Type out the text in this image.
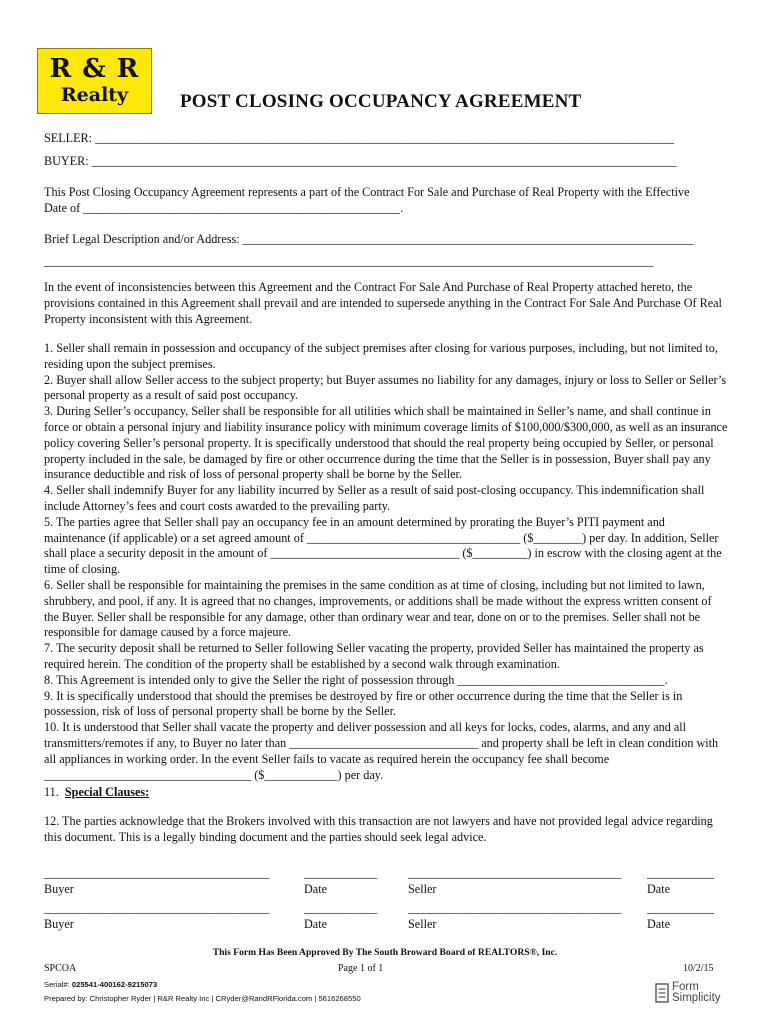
R & R
Realty	POST CLOSING OCCUPANCY AGREEMENT
SELLER: _______________________________________________________________________________________________
BUYER: ________________________________________________________________________________________________
This Post Closing Occupancy Agreement represents a part of the Contract For Sale and Purchase of Real Property with the Effective
Date of ____________________________________________________.
Brief Legal Description and/or Address: __________________________________________________________________________
____________________________________________________________________________________________________

In the event of inconsistencies between this Agreement and the Contract For Sale And Purchase of Real Property attached hereto, the provisions contained in this Agreement shall prevail and are intended to supersede anything in the Contract For Sale And Purchase Of Real Property inconsistent with this Agreement.

1. Seller shall remain in possession and occupancy of the subject premises after closing for various purposes, including, but not limited to, residing upon the subject premises.

2. Buyer shall allow Seller access to the subject property; but Buyer assumes no liability for any damages, injury or loss to Seller or Seller’s personal property as a result of said post occupancy.

3. During Seller’s occupancy, Seller shall be responsible for all utilities which shall be maintained in Seller’s name, and shall continue in force or obtain a personal injury and liability insurance policy with minimum coverage limits of $100,000/$300,000, as well as an insurance policy covering Seller’s personal property. It is specifically understood that should the real property being occupied by Seller, or personal property included in the sale, be damaged by fire or other occurrence during the time that the Seller is in possession, Buyer shall pay any insurance deductible and risk of loss of personal property shall be borne by the Seller.

4. Seller shall indemnify Buyer for any liability incurred by Seller as a result of said post-closing occupancy. This indemnification shall include Attorney’s fees and court costs awarded to the prevailing party.

5. The parties agree that Seller shall pay an occupancy fee in an amount determined by prorating the Buyer’s PITI payment and maintenance (if applicable) or a set agreed amount of ___________________________________ ($________) per day. In addition, Seller shall place a security deposit in the amount of _______________________________ ($_________) in escrow with the closing agent at the time of closing.

6. Seller shall be responsible for maintaining the premises in the same condition as at time of closing, including but not limited to lawn, shrubbery, and pool, if any. It is agreed that no changes, improvements, or additions shall be made without the express written consent of the Buyer. Seller shall be responsible for any damage, other than ordinary wear and tear, done on or to the premises. Seller shall not be responsible for damage caused by a force majeure.

7. The security deposit shall be returned to Seller following Seller vacating the property, provided Seller has maintained the property as required herein. The condition of the property shall be established by a second walk through examination.

8. This Agreement is intended only to give the Seller the right of possession through __________________________________.

9. It is specifically understood that should the premises be destroyed by fire or other occurrence during the time that the Seller is in possession, risk of loss of personal property shall be borne by the Seller.

10. It is understood that Seller shall vacate the property and deliver possession and all keys for locks, codes, alarms, and any and all transmitters/remotes if any, to Buyer no later than _______________________________ and property shall be left in clean condition with all appliances in working order. In the event Seller fails to vacate as required herein the occupancy fee shall become __________________________________ ($____________) per day.

11. Special Clauses:

12. The parties acknowledge that the Brokers involved with this transaction are not lawyers and have not provided legal advice regarding this document. This is a legally binding document and the parties should seek legal advice.

_____________________________________	____________	___________________________________ ___________
Buyer	Date	Seller	Date
_____________________________________	____________	___________________________________ ___________
Buyer	Date	Seller	Date
This Form Has Been Approved By The South Broward Board of REALTORS®, Inc.
SPCOA	Page 1 of 1	10/2/15
Serial#: 025541-400162-9215073
Prepared by: Christopher Ryder | R&R Realty Inc | CRyder@RandRFlorida.com | 5616268550
Form
Simplicity
